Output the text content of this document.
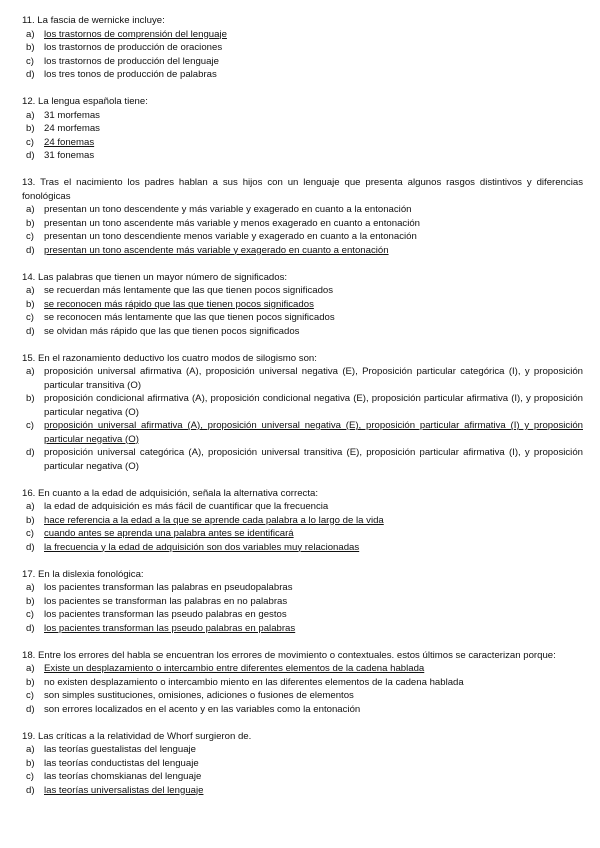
11. La fascia de wernicke incluye:
a) los trastornos de comprensión del lenguaje
b) los trastornos de producción de oraciones
c)	los trastornos de producción del lenguaje
d) los tres tonos de producción de palabras
12. La lengua española tiene:
a) 31 morfemas
b) 24 morfemas
c)	24 fonemas
d) 31 fonemas
13. Tras el nacimiento los padres hablan a sus hijos con un lenguaje que presenta algunos rasgos distintivos y diferencias fonológicas
a) presentan un tono descendente y más variable y exagerado en cuanto a la entonación
b) presentan un tono ascendente más variable y menos exagerado en cuanto a entonación
c)	presentan un tono descendiente menos variable y exagerado en cuanto a la entonación
d) presentan un tono ascendente más variable y exagerado en cuanto a entonación
14. Las palabras que tienen un mayor número de significados:
a) se recuerdan más lentamente que las que tienen pocos significados
b) se reconocen más rápido que las que tienen pocos significados
c)	se reconocen más lentamente que las que tienen pocos significados
d) se olvidan más rápido que las que tienen pocos significados
15. En el razonamiento deductivo los cuatro modos de silogismo son:
a) proposición universal afirmativa (A), proposición universal negativa (E), Proposición particular categórica (I), y proposición particular transitiva (O)
b) proposición condicional afirmativa (A), proposición condicional negativa (E), proposición particular afirmativa (I), y proposición particular negativa (O)
c)	proposición universal afirmativa (A), proposición universal negativa (E), proposición particular afirmativa (I) y proposición particular negativa (O)
d) proposición universal categórica (A), proposición universal transitiva (E), proposición particular afirmativa (I), y proposición particular negativa (O)
16. En cuanto a la edad de adquisición, señala la alternativa correcta:
a) la edad de adquisición es más fácil de cuantificar que la frecuencia
b) hace referencia a la edad a la que se aprende cada palabra a lo largo de la vida
c)	cuando antes se aprenda una palabra antes se identificará
d) la frecuencia y la edad de adquisición son dos variables muy relacionadas
17. En la dislexia fonológica:
a) los pacientes transforman las palabras en pseudopalabras
b) los pacientes se transforman las palabras en no palabras
c)	los pacientes transforman las pseudo palabras en gestos
d) los pacientes transforman las pseudo palabras en palabras
18. Entre los errores del habla se encuentran los errores de movimiento o contextuales. estos últimos se caracterizan porque:
a) Existe un desplazamiento o intercambio entre diferentes elementos de la cadena hablada
b) no existen desplazamiento o intercambio miento en las diferentes elementos de la cadena hablada
c)	son simples sustituciones, omisiones, adiciones o fusiones de elementos
d) son errores localizados en el acento y en las variables como la entonación
19. Las críticas a la relatividad de Whorf surgieron de.
a) las teorías guestalistas del lenguaje
b) las teorías conductistas del lenguaje
c)	las teorías chomskianas del lenguaje
d) las teorías universalistas del lenguaje
